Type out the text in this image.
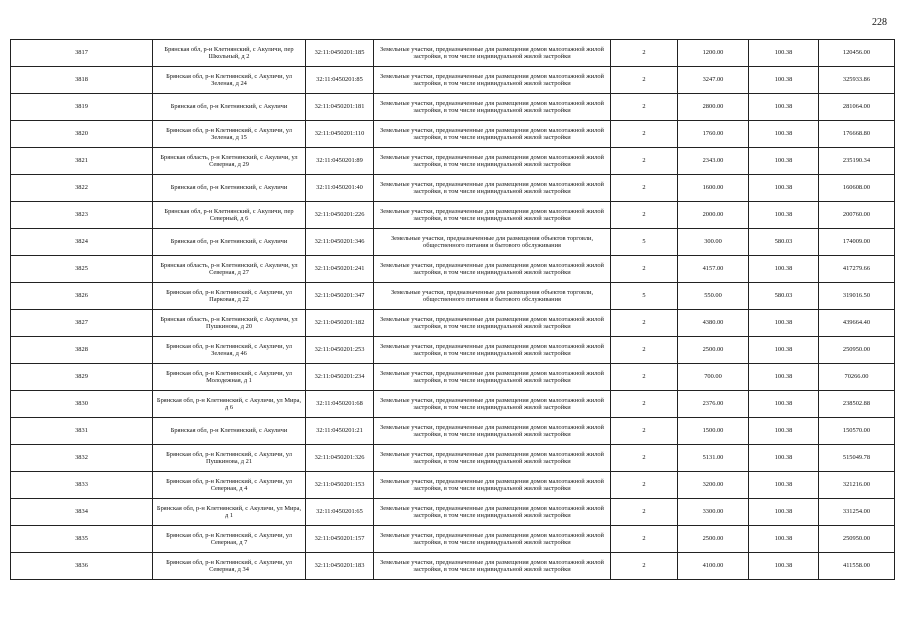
228
3817	Брянская обл, р-н Клетнянский, с Акуличи, пер Школьный, д 2	32:11:0450201:185	Земельные участки, предназначенные для размещения домов малоэтажной жилой застройки, в том числе индивидуальной жилой застройки	2	1200.00	100.38	120456.00
3818	Брянская обл, р-н Клетнянский, с Акуличи, ул Зеленая, д 24	32:11:0450201:85	Земельные участки, предназначенные для размещения домов малоэтажной жилой застройки, в том числе индивидуальной жилой застройки	2	3247.00	100.38	325933.86
3819	Брянская обл, р-н Клетнянский, с Акуличи	32:11:0450201:181	Земельные участки, предназначенные для размещения домов малоэтажной жилой застройки, в том числе индивидуальной жилой застройки	2	2800.00	100.38	281064.00
3820	Брянская обл, р-н Клетнянский, с Акуличи, ул Зеленая, д 15	32:11:0450201:110	Земельные участки, предназначенные для размещения домов малоэтажной жилой застройки, в том числе индивидуальной жилой застройки	2	1760.00	100.38	176668.80
3821	Брянская область, р-н Клетнянский, с Акуличи, ул Северная, д 29	32:11:0450201:89	Земельные участки, предназначенные для размещения домов малоэтажной жилой застройки, в том числе индивидуальной жилой застройки	2	2343.00	100.38	235190.34
3822	Брянская обл, р-н Клетнянский, с Акуличи	32:11:0450201:40	Земельные участки, предназначенные для размещения домов малоэтажной жилой застройки, в том числе индивидуальной жилой застройки	2	1600.00	100.38	160608.00
3823	Брянская обл, р-н Клетнянский, с Акуличи, пер Северный, д 6	32:11:0450201:226	Земельные участки, предназначенные для размещения домов малоэтажной жилой застройки, в том числе индивидуальной жилой застройки	2	2000.00	100.38	200760.00
3824	Брянская обл, р-н Клетнянский, с Акуличи	32:11:0450201:346	Земельные участки, предназначенные для размещения объектов торговли, общественного питания и бытового обслуживания	5	300.00	580.03	174009.00
3825	Брянская область, р-н Клетнянский, с Акуличи, ул Северная, д 27	32:11:0450201:241	Земельные участки, предназначенные для размещения домов малоэтажной жилой застройки, в том числе индивидуальной жилой застройки	2	4157.00	100.38	417279.66
3826	Брянская обл, р-н Клетнянский, с Акуличи, ул Парковая, д 22	32:11:0450201:347	Земельные участки, предназначенные для размещения объектов торговли, общественного питания и бытового обслуживания	5	550.00	580.03	319016.50
3827	Брянская область, р-н Клетнянский, с Акуличи, ул Пушкинова, д 20	32:11:0450201:182	Земельные участки, предназначенные для размещения домов малоэтажной жилой застройки, в том числе индивидуальной жилой застройки	2	4380.00	100.38	439664.40
3828	Брянская обл, р-н Клетнянский, с Акуличи, ул Зеленая, д 46	32:11:0450201:253	Земельные участки, предназначенные для размещения домов малоэтажной жилой застройки, в том числе индивидуальной жилой застройки	2	2500.00	100.38	250950.00
3829	Брянская обл, р-н Клетнянский, с Акуличи, ул Молодежная, д 1	32:11:0450201:234	Земельные участки, предназначенные для размещения домов малоэтажной жилой застройки, в том числе индивидуальной жилой застройки	2	700.00	100.38	70266.00
3830	Брянская обл, р-н Клетнянский, с Акуличи, ул Мира, д 6	32:11:0450201:68	Земельные участки, предназначенные для размещения домов малоэтажной жилой застройки, в том числе индивидуальной жилой застройки	2	2376.00	100.38	238502.88
3831	Брянская обл, р-н Клетнянский, с Акуличи	32:11:0450201:21	Земельные участки, предназначенные для размещения домов малоэтажной жилой застройки, в том числе индивидуальной жилой застройки	2	1500.00	100.38	150570.00
3832	Брянская обл, р-н Клетнянский, с Акуличи, ул Пушкинова, д 21	32:11:0450201:326	Земельные участки, предназначенные для размещения домов малоэтажной жилой застройки, в том числе индивидуальной жилой застройки	2	5131.00	100.38	515049.78
3833	Брянская обл, р-н Клетнянский, с Акуличи, ул Северная, д 4	32:11:0450201:153	Земельные участки, предназначенные для размещения домов малоэтажной жилой застройки, в том числе индивидуальной жилой застройки	2	3200.00	100.38	321216.00
3834	Брянская обл, р-н Клетнянский, с Акуличи, ул Мира, д 1	32:11:0450201:65	Земельные участки, предназначенные для размещения домов малоэтажной жилой застройки, в том числе индивидуальной жилой застройки	2	3300.00	100.38	331254.00
3835	Брянская обл, р-н Клетнянский, с Акуличи, ул Северная, д 7	32:11:0450201:157	Земельные участки, предназначенные для размещения домов малоэтажной жилой застройки, в том числе индивидуальной жилой застройки	2	2500.00	100.38	250950.00
3836	Брянская обл, р-н Клетнянский, с Акуличи, ул Северная, д 34	32:11:0450201:183	Земельные участки, предназначенные для размещения домов малоэтажной жилой застройки, в том числе индивидуальной жилой застройки	2	4100.00	100.38	411558.00
